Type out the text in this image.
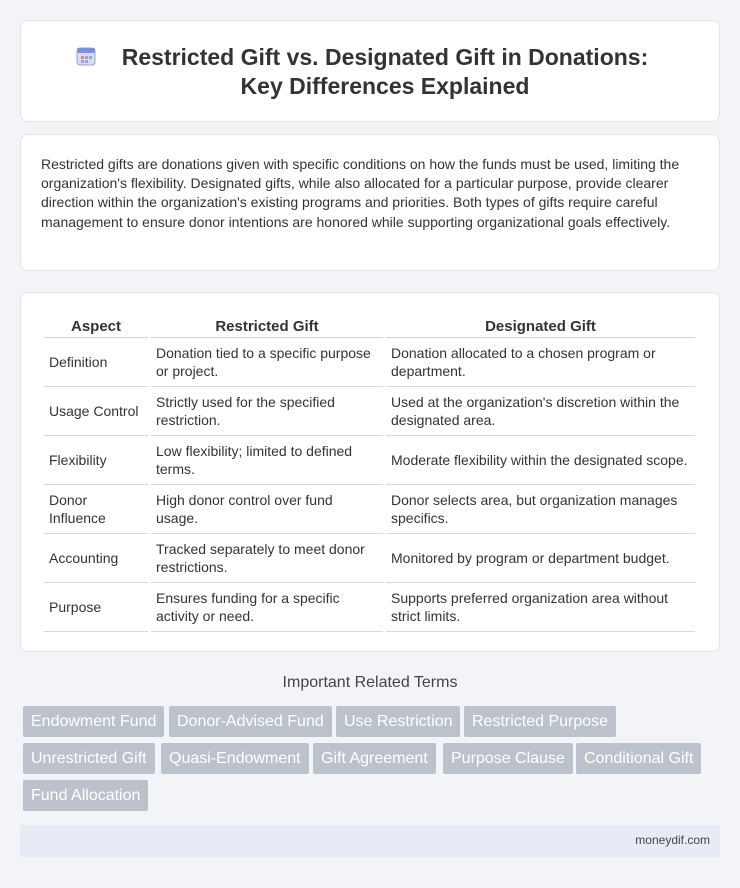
Restricted Gift vs. Designated Gift in Donations: Key Differences Explained

Restricted gifts are donations given with specific conditions on how the funds must be used, limiting the organization's flexibility. Designated gifts, while also allocated for a particular purpose, provide clearer direction within the organization's existing programs and priorities. Both types of gifts require careful management to ensure donor intentions are honored while supporting organizational goals effectively.

Aspect	Restricted Gift	Designated Gift
Definition	Donation tied to a specific purpose or project.	Donation allocated to a chosen program or department.
Usage Control	Strictly used for the specified restriction.	Used at the organization's discretion within the designated area.
Flexibility	Low flexibility; limited to defined terms.	Moderate flexibility within the designated scope.
Donor Influence	High donor control over fund usage.	Donor selects area, but organization manages specifics.
Accounting	Tracked separately to meet donor restrictions.	Monitored by program or department budget.
Purpose	Ensures funding for a specific activity or need.	Supports preferred organization area without strict limits.
Important Related Terms
Endowment Fund	Donor-Advised Fund	Use Restriction	Restricted Purpose
Unrestricted Gift	Quasi-Endowment	Gift Agreement	Purpose Clause	Conditional Gift
Fund Allocation
moneydif.com
